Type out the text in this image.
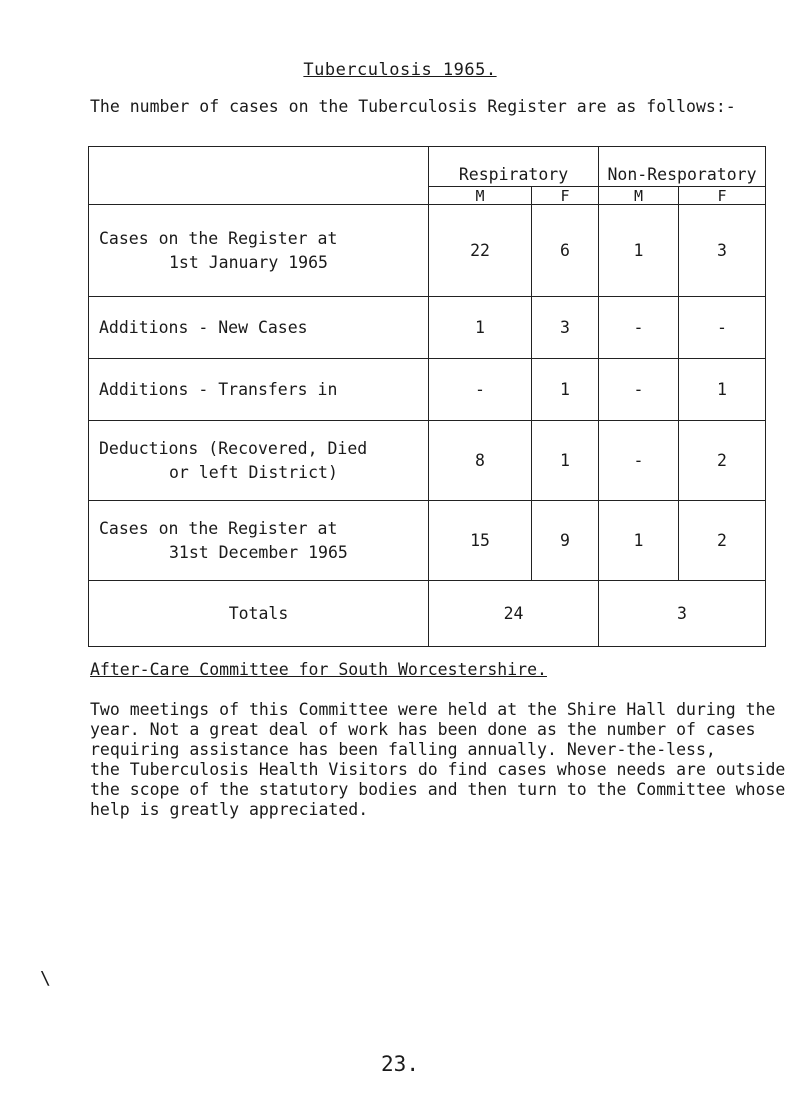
Tuberculosis 1965.
The number of cases on the Tuberculosis Register are as follows:-
	Respiratory		Non-Resporatory	
	M	F	M	F
Cases on the Register at
1st January 1965	22	6	1	3
Additions - New Cases	1	3	-	-
Additions - Transfers in	-	1	-	1
Deductions (Recovered, Died
or left District)	8	1	-	2
Cases on the Register at
31st December 1965	15	9	1	2
Totals	24		3	
After-Care Committee for South Worcestershire.
Two meetings of this Committee were held at the Shire Hall during the
year. Not a great deal of work has been done as the number of cases
requiring assistance has been falling annually. Never-the-less,
the Tuberculosis Health Visitors do find cases whose needs are outside
the scope of the statutory bodies and then turn to the Committee whose
help is greatly appreciated.
\
23.
